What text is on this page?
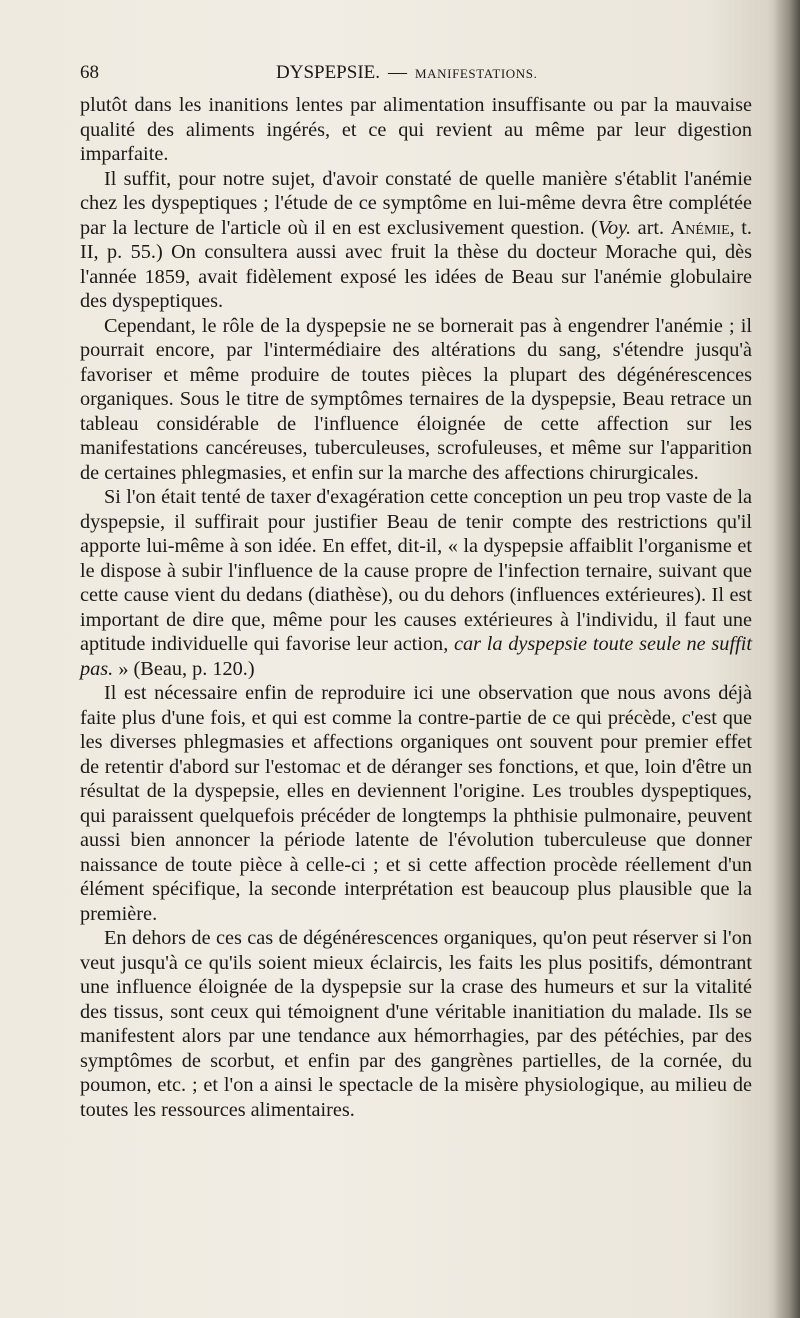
68	DYSPEPSIE. — MANIFESTATIONS.

plutôt dans les inanitions lentes par alimentation insuffisante ou par la mauvaise qualité des aliments ingérés, et ce qui revient au même par leur digestion imparfaite.

Il suffit, pour notre sujet, d'avoir constaté de quelle manière s'établit l'anémie chez les dyspeptiques ; l'étude de ce symptôme en lui-même devra être complétée par la lecture de l'article où il en est exclusivement question. (Voy. art. Anémie, t. II, p. 55.) On consultera aussi avec fruit la thèse du docteur Morache qui, dès l'année 1859, avait fidèlement exposé les idées de Beau sur l'anémie globulaire des dyspeptiques.

Cependant, le rôle de la dyspepsie ne se bornerait pas à engendrer l'anémie ; il pourrait encore, par l'intermédiaire des altérations du sang, s'étendre jusqu'à favoriser et même produire de toutes pièces la plupart des dégénérescences organiques. Sous le titre de symptômes ternaires de la dyspepsie, Beau retrace un tableau considérable de l'influence éloignée de cette affection sur les manifestations cancéreuses, tuberculeuses, scrofuleuses, et même sur l'apparition de certaines phlegmasies, et enfin sur la marche des affections chirurgicales.

Si l'on était tenté de taxer d'exagération cette conception un peu trop vaste de la dyspepsie, il suffirait pour justifier Beau de tenir compte des restrictions qu'il apporte lui-même à son idée. En effet, dit-il, « la dyspepsie affaiblit l'organisme et le dispose à subir l'influence de la cause propre de l'infection ternaire, suivant que cette cause vient du dedans (diathèse), ou du dehors (influences extérieures). Il est important de dire que, même pour les causes extérieures à l'individu, il faut une aptitude individuelle qui favorise leur action, car la dyspepsie toute seule ne suffit pas. » (Beau, p. 120.)

Il est nécessaire enfin de reproduire ici une observation que nous avons déjà faite plus d'une fois, et qui est comme la contre-partie de ce qui précède, c'est que les diverses phlegmasies et affections organiques ont souvent pour premier effet de retentir d'abord sur l'estomac et de déranger ses fonctions, et que, loin d'être un résultat de la dyspepsie, elles en deviennent l'origine. Les troubles dyspeptiques, qui paraissent quelquefois précéder de longtemps la phthisie pulmonaire, peuvent aussi bien annoncer la période latente de l'évolution tuberculeuse que donner naissance de toute pièce à celle-ci ; et si cette affection procède réellement d'un élément spécifique, la seconde interprétation est beaucoup plus plausible que la première.

En dehors de ces cas de dégénérescences organiques, qu'on peut réserver si l'on veut jusqu'à ce qu'ils soient mieux éclaircis, les faits les plus positifs, démontrant une influence éloignée de la dyspepsie sur la crase des humeurs et sur la vitalité des tissus, sont ceux qui témoignent d'une véritable inanitiation du malade. Ils se manifestent alors par une tendance aux hémorrhagies, par des pétéchies, par des symptômes de scorbut, et enfin par des gangrènes partielles, de la cornée, du poumon, etc. ; et l'on a ainsi le spectacle de la misère physiologique, au milieu de toutes les ressources alimentaires.
